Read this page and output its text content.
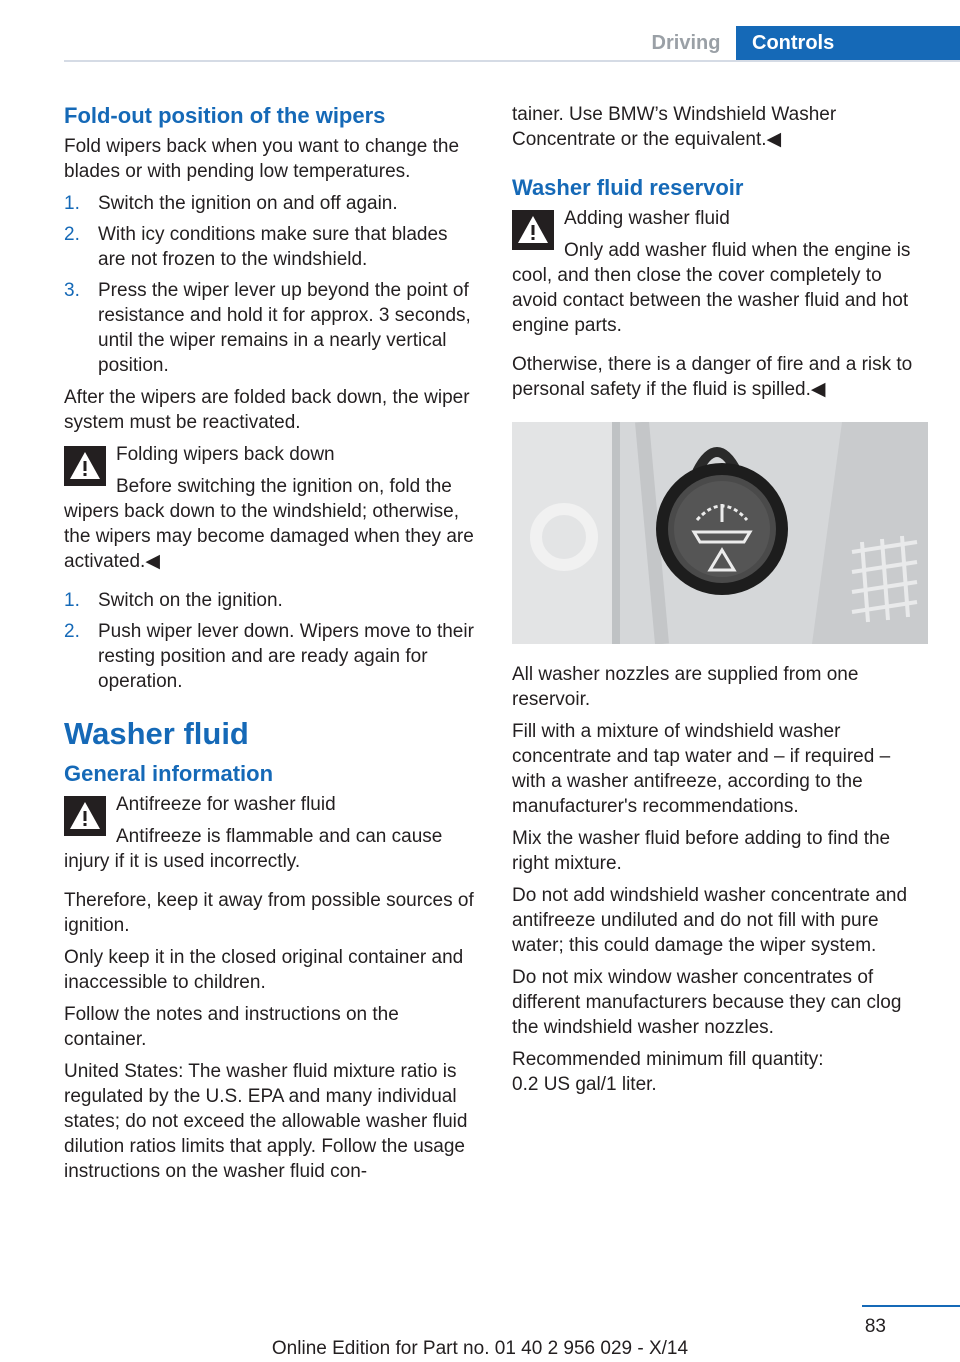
Driving	Controls
Fold-out position of the wipers

Fold wipers back when you want to change the blades or with pending low temperatures.

1. Switch the ignition on and off again.
2. With icy conditions make sure that blades are not frozen to the windshield.
3. Press the wiper lever up beyond the point of resistance and hold it for approx. 3 seconds, until the wiper remains in a nearly vertical position.

After the wipers are folded back down, the wiper system must be reactivated.

Folding wipers back down

Before switching the ignition on, fold the wipers back down to the windshield; otherwise, the wipers may become damaged when they are activated.◀

1. Switch on the ignition.
2. Push wiper lever down. Wipers move to their resting position and are ready again for operation.
Washer fluid
General information

Antifreeze for washer fluid

Antifreeze is flammable and can cause injury if it is used incorrectly.

Therefore, keep it away from possible sources of ignition.

Only keep it in the closed original container and inaccessible to children.

Follow the notes and instructions on the container.

United States: The washer fluid mixture ratio is regulated by the U.S. EPA and many individual states; do not exceed the allowable washer fluid dilution ratios limits that apply. Follow the usage instructions on the washer fluid con-

tainer. Use BMW’s Windshield Washer Concentrate or the equivalent.◀

Washer fluid reservoir

Adding washer fluid

Only add washer fluid when the engine is cool, and then close the cover completely to avoid contact between the washer fluid and hot engine parts.

Otherwise, there is a danger of fire and a risk to personal safety if the fluid is spilled.◀

All washer nozzles are supplied from one reservoir.

Fill with a mixture of windshield washer concentrate and tap water and – if required – with a washer antifreeze, according to the manufacturer's recommendations.

Mix the washer fluid before adding to find the right mixture.

Do not add windshield washer concentrate and antifreeze undiluted and do not fill with pure water; this could damage the wiper system.

Do not mix window washer concentrates of different manufacturers because they can clog the windshield washer nozzles.

Recommended minimum fill quantity:

0.2 US gal/1 liter.

83
Online Edition for Part no. 01 40 2 956 029 - X/14
